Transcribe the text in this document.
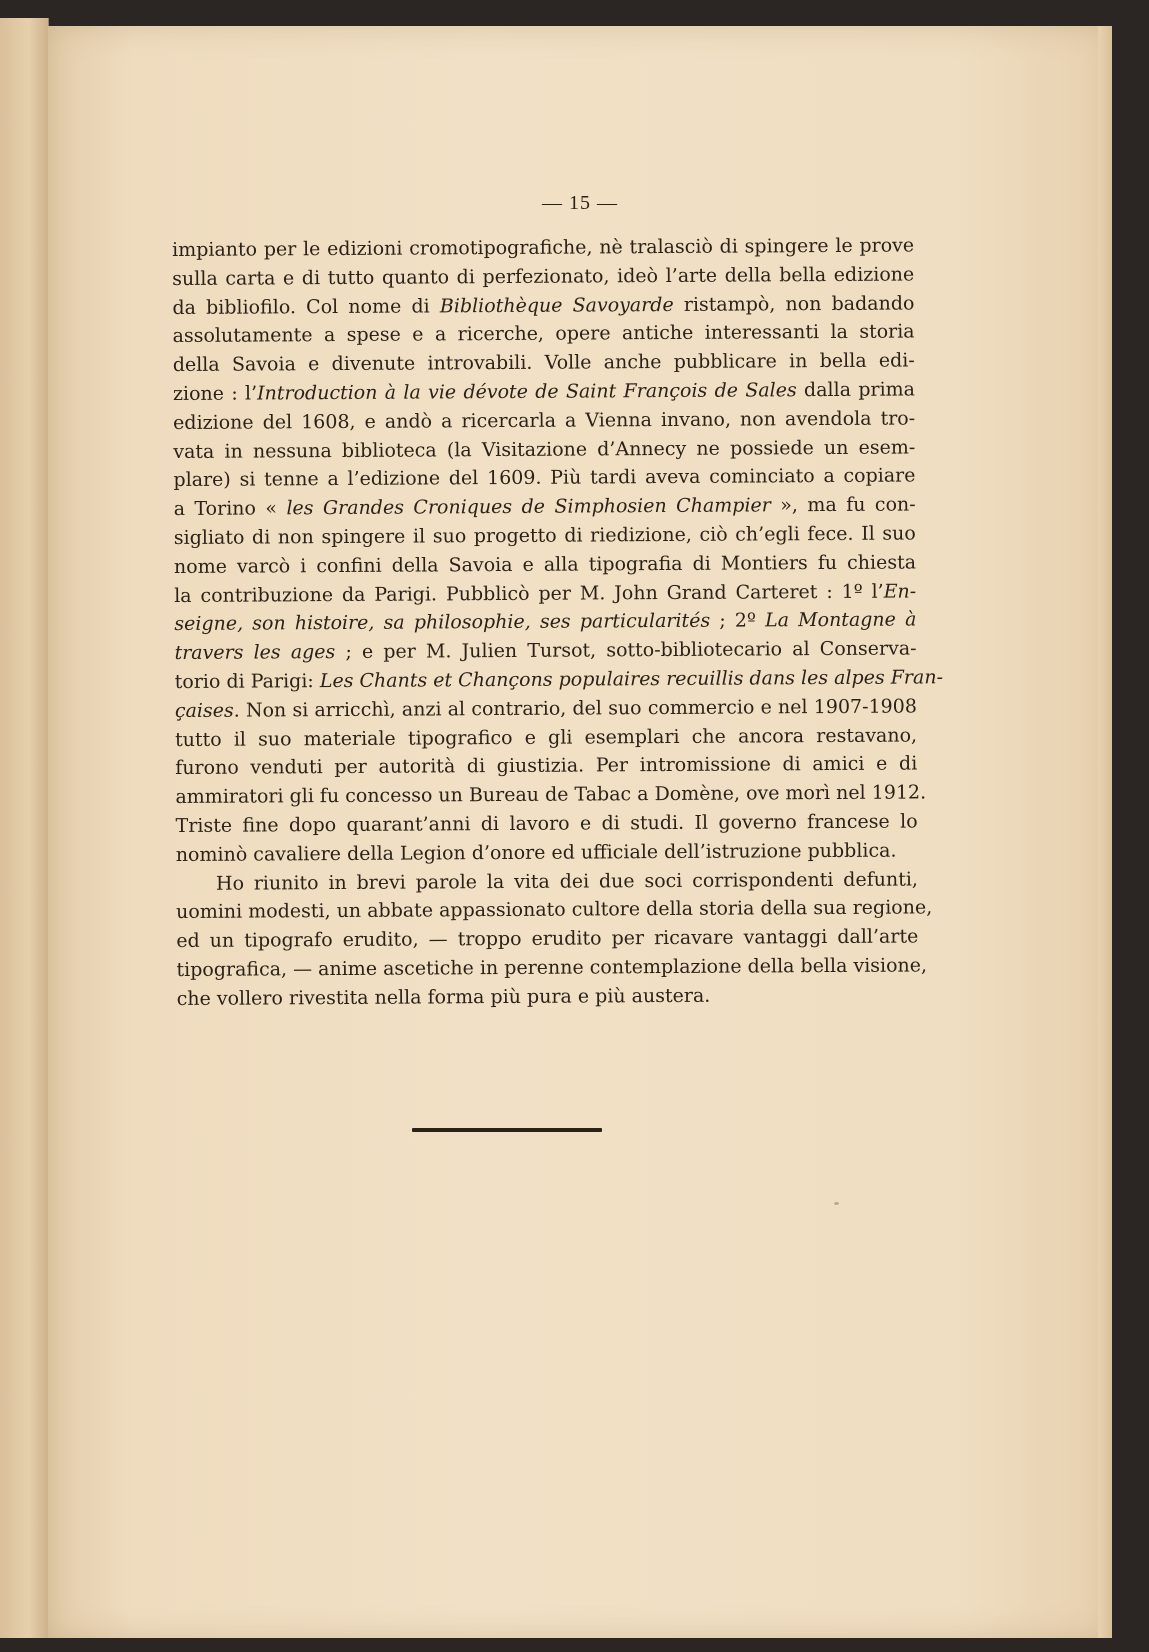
— 15 —
impianto per le edizioni cromotipografiche, nè tralasciò di spingere le prove
sulla carta e di tutto quanto di perfezionato, ideò l’arte della bella edizione
da bibliofilo. Col nome di Bibliothèque Savoyarde ristampò, non badando
assolutamente a spese e a ricerche, opere antiche interessanti la storia
della Savoia e divenute introvabili. Volle anche pubblicare in bella edi-
zione : l’Introduction à la vie dévote de Saint François de Sales dalla prima
edizione del 1608, e andò a ricercarla a Vienna invano, non avendola tro-
vata in nessuna biblioteca (la Visitazione d’Annecy ne possiede un esem-
plare) si tenne a l’edizione del 1609. Più tardi aveva cominciato a copiare
a Torino « les Grandes Croniques de Simphosien Champier », ma fu con-
sigliato di non spingere il suo progetto di riedizione, ciò ch’egli fece. Il suo
nome varcò i confini della Savoia e alla tipografia di Montiers fu chiesta
la contribuzione da Parigi. Pubblicò per M. John Grand Carteret : 1º l’En-
seigne, son histoire, sa philosophie, ses particularités ; 2º La Montagne à
travers les ages ; e per M. Julien Tursot, sotto-bibliotecario al Conserva-
torio di Parigi: Les Chants et Chançons populaires recuillis dans les alpes Fran-
çaises. Non si arricchì, anzi al contrario, del suo commercio e nel 1907-1908
tutto il suo materiale tipografico e gli esemplari che ancora restavano,
furono venduti per autorità di giustizia. Per intromissione di amici e di
ammiratori gli fu concesso un Bureau de Tabac a Domène, ove morì nel 1912.
Triste fine dopo quarant’anni di lavoro e di studi. Il governo francese lo
nominò cavaliere della Legion d’onore ed ufficiale dell’istruzione pubblica.
Ho riunito in brevi parole la vita dei due soci corrispondenti defunti,
uomini modesti, un abbate appassionato cultore della storia della sua regione,
ed un tipografo erudito, — troppo erudito per ricavare vantaggi dall’arte
tipografica, — anime ascetiche in perenne contemplazione della bella visione,
che vollero rivestita nella forma più pura e più austera.
